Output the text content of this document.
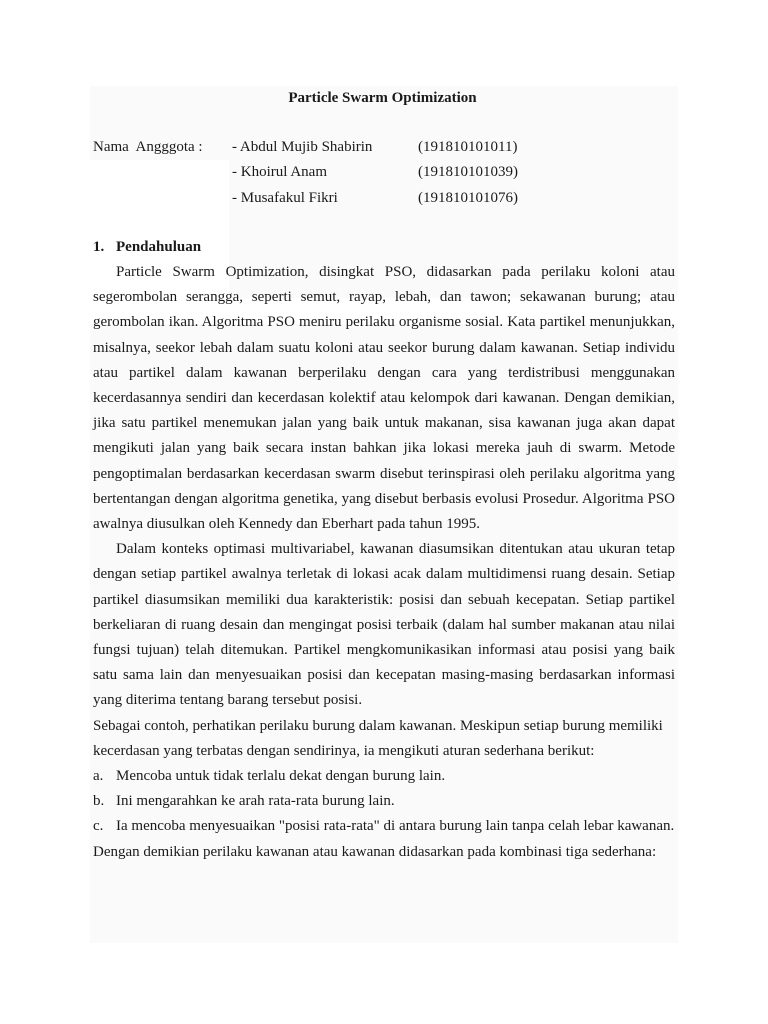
Particle Swarm Optimization
Nama  Angggota : - Abdul Mujib Shabirin	(191810101011)
- Khoirul Anam	(191810101039)
- Musafakul Fikri	(191810101076)
1. Pendahuluan

Particle Swarm Optimization, disingkat PSO, didasarkan pada perilaku koloni atau segerombolan serangga, seperti semut, rayap, lebah, dan tawon; sekawanan burung; atau gerombolan ikan. Algoritma PSO meniru perilaku organisme sosial. Kata partikel menunjukkan, misalnya, seekor lebah dalam suatu koloni atau seekor burung dalam kawanan. Setiap individu atau partikel dalam kawanan berperilaku dengan cara yang terdistribusi menggunakan kecerdasannya sendiri dan kecerdasan kolektif atau kelompok dari kawanan. Dengan demikian, jika satu partikel menemukan jalan yang baik untuk makanan, sisa kawanan juga akan dapat mengikuti jalan yang baik secara instan bahkan jika lokasi mereka jauh di swarm. Metode pengoptimalan berdasarkan kecerdasan swarm disebut terinspirasi oleh perilaku algoritma yang bertentangan dengan algoritma genetika, yang disebut berbasis evolusi Prosedur. Algoritma PSO awalnya diusulkan oleh Kennedy dan Eberhart pada tahun 1995.

Dalam konteks optimasi multivariabel, kawanan diasumsikan ditentukan atau ukuran tetap dengan setiap partikel awalnya terletak di lokasi acak dalam multidimensi ruang desain. Setiap partikel diasumsikan memiliki dua karakteristik: posisi dan sebuah kecepatan. Setiap partikel berkeliaran di ruang desain dan mengingat posisi terbaik (dalam hal sumber makanan atau nilai fungsi tujuan) telah ditemukan. Partikel mengkomunikasikan informasi atau posisi yang baik satu sama lain dan menyesuaikan posisi dan kecepatan masing-masing berdasarkan informasi yang diterima tentang barang tersebut posisi.

Sebagai contoh, perhatikan perilaku burung dalam kawanan. Meskipun setiap burung memiliki

kecerdasan yang terbatas dengan sendirinya, ia mengikuti aturan sederhana berikut:

a. Mencoba untuk tidak terlalu dekat dengan burung lain.
b. Ini mengarahkan ke arah rata-rata burung lain.
c. Ia mencoba menyesuaikan "posisi rata-rata" di antara burung lain tanpa celah lebar kawanan.

Dengan demikian perilaku kawanan atau kawanan didasarkan pada kombinasi tiga sederhana:
